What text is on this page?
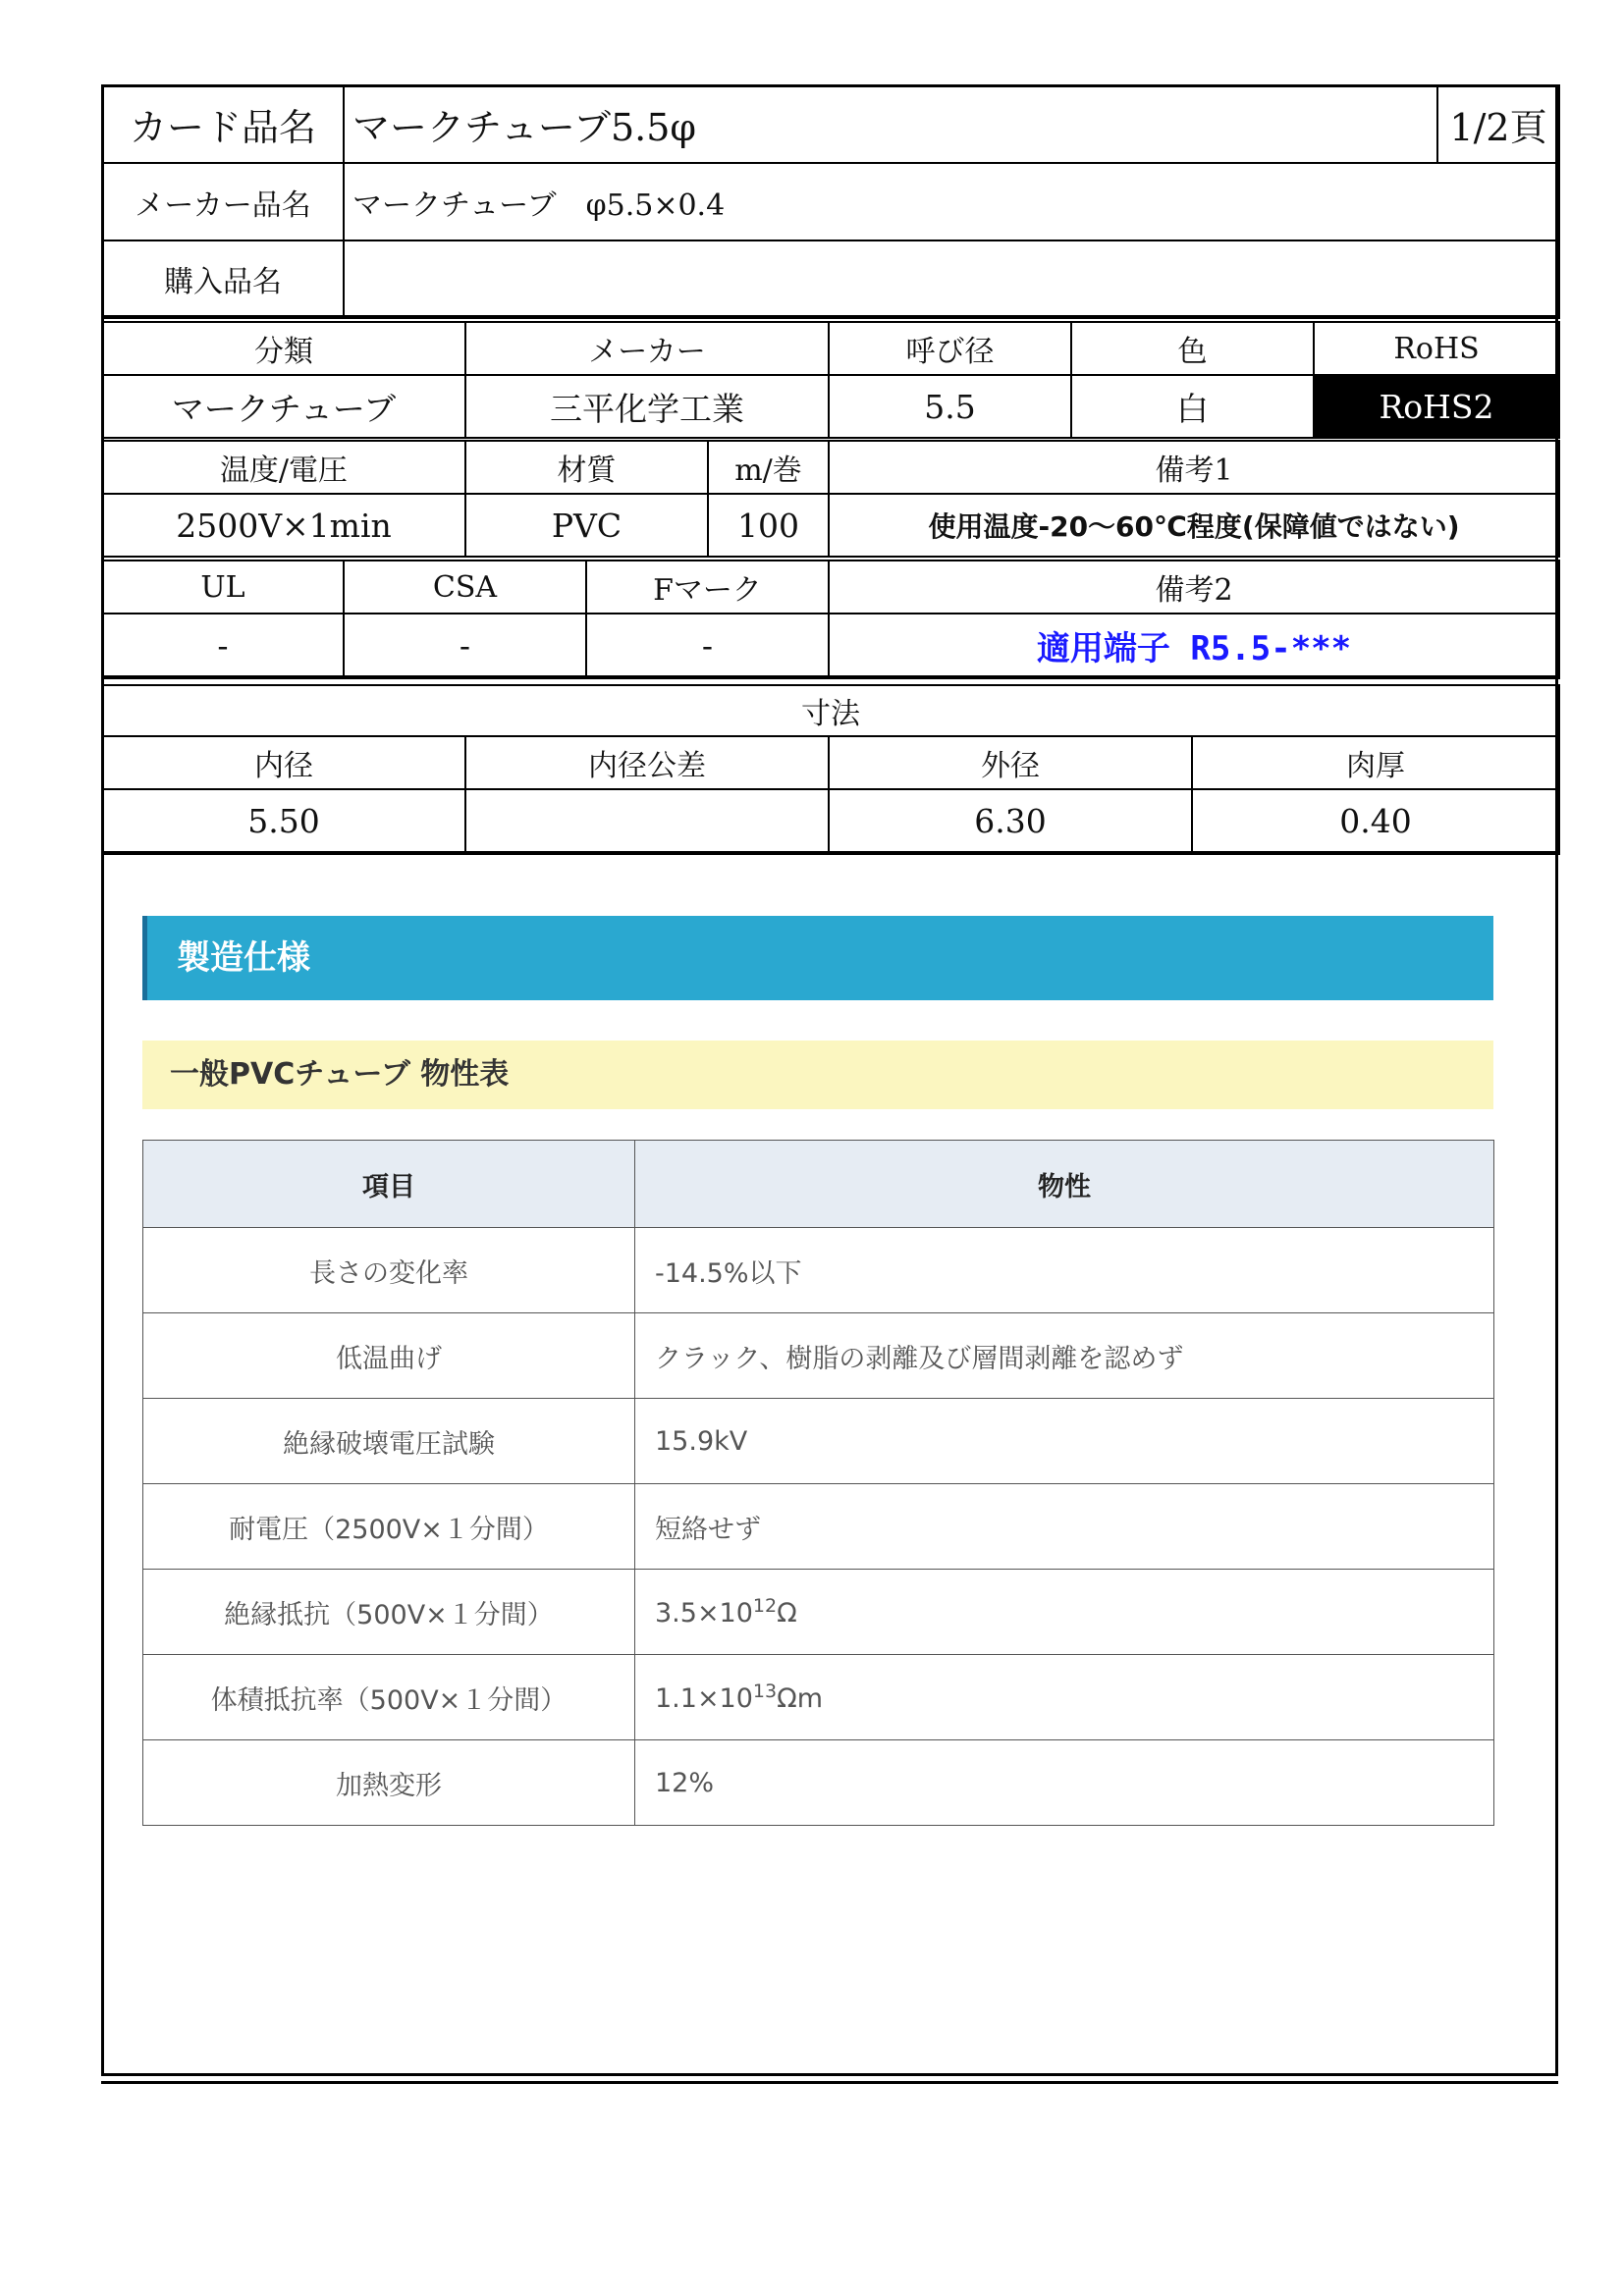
カード品名	マークチューブ5.5φ	1/2頁
メーカー品名	マークチューブ　φ5.5×0.4	
購入品名		
分類	メーカー	呼び径	色	RoHS
マークチューブ	三平化学工業	5.5	白	RoHS2
温度/電圧	材質	m/巻	備考1
2500V×1min	PVC	100	使用温度-20～60℃程度(保障値ではない)
UL	CSA	Fマーク	備考2
-	-	-	適用端子 R5.5-***
寸法			
内径	内径公差	外径	肉厚
5.50		6.30	0.40
製造仕様
一般PVCチューブ 物性表
項目	物性
長さの変化率	-14.5%以下
低温曲げ	クラック、樹脂の剥離及び層間剥離を認めず
絶縁破壊電圧試験	15.9kV
耐電圧（2500V×１分間）	短絡せず
絶縁抵抗（500V×１分間）	$3.5\times 10^{12}\Omega$
体積抵抗率（500V×１分間）	$1.1\times 10^{13}\Omega m$
加熱変形	12%
